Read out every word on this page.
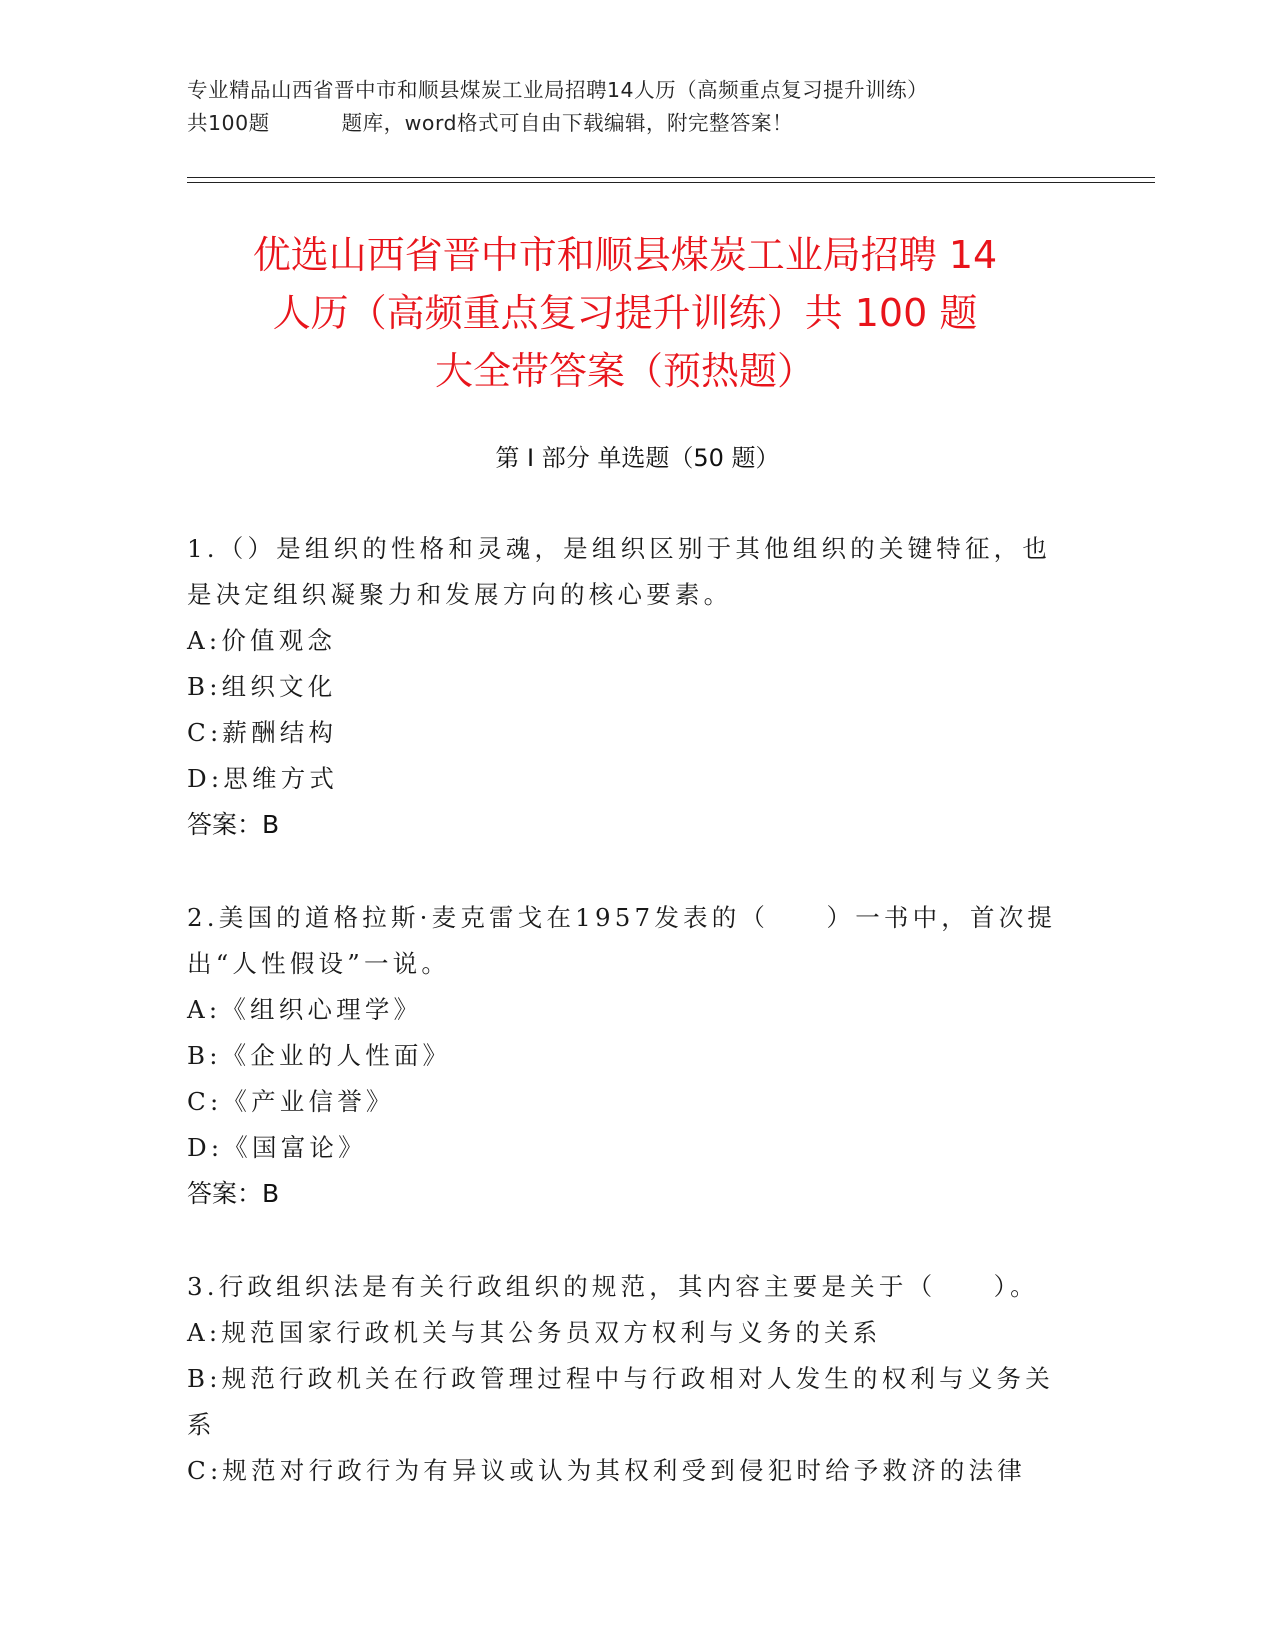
专业精品山西省晋中市和顺县煤炭工业局招聘14人历（高频重点复习提升训练）
共100题	题库，word格式可自由下载编辑，附完整答案！
优选山西省晋中市和顺县煤炭工业局招聘 14
人历（高频重点复习提升训练）共 100 题
大全带答案（预热题）
第 I 部分 单选题（50 题）
1.（）是组织的性格和灵魂，是组织区别于其他组织的关键特征，也
是决定组织凝聚力和发展方向的核心要素。
A:价值观念
B:组织文化
C:薪酬结构
D:思维方式
答案：B
2.美国的道格拉斯·麦克雷戈在1957发表的（　　）一书中，首次提
出“人性假设”一说。
A:《组织心理学》
B:《企业的人性面》
C:《产业信誉》
D:《国富论》
答案：B
3.行政组织法是有关行政组织的规范，其内容主要是关于（　　）。
A:规范国家行政机关与其公务员双方权利与义务的关系
B:规范行政机关在行政管理过程中与行政相对人发生的权利与义务关
系
C:规范对行政行为有异议或认为其权利受到侵犯时给予救济的法律
